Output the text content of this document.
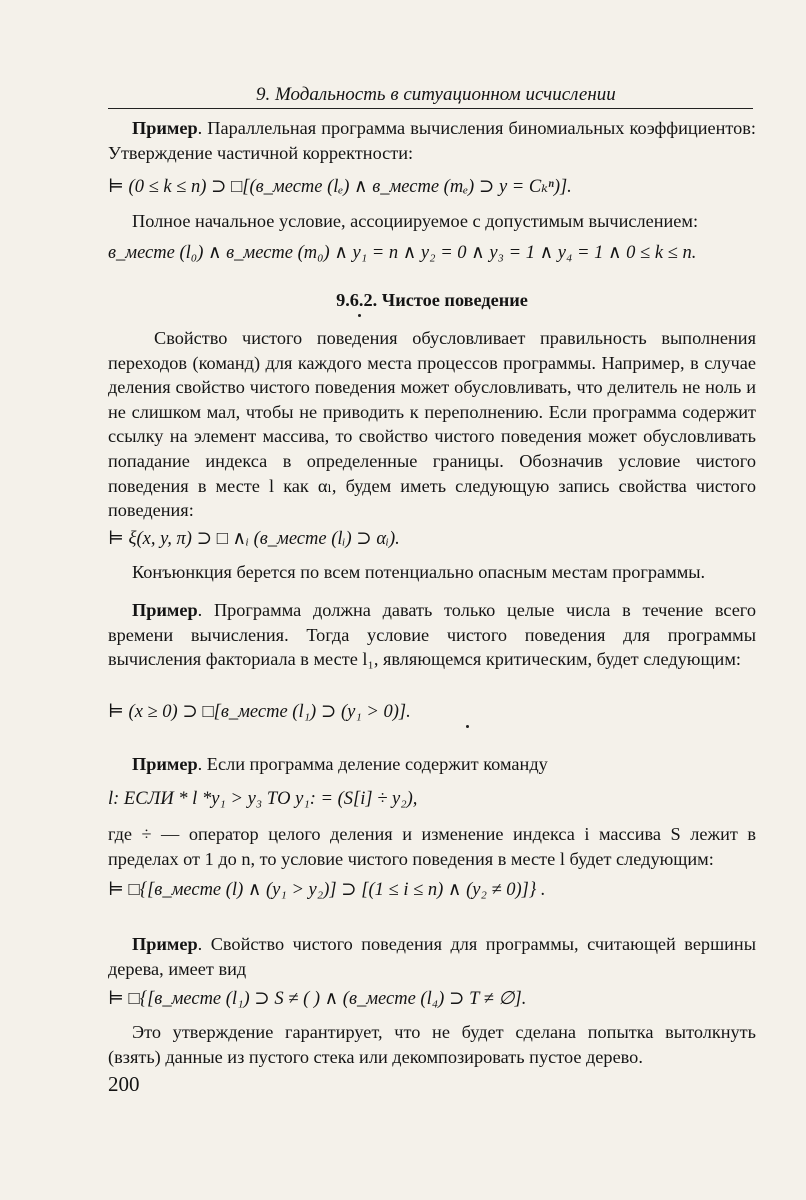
9. Модальность в ситуационном исчислении

Пример. Параллельная программа вычисления биномиальных коэффициентов: Утверждение частичной корректности:

⊨ (0 ≤ k ≤ n) ⊃ □[(в_месте (lₑ) ∧ в_месте (mₑ) ⊃ y = Cₖⁿ)].

Полное начальное условие, ассоциируемое с допустимым вычислением:

в_месте (l₀) ∧ в_месте (m₀) ∧ y₁ = n ∧ y₂ = 0 ∧ y₃ = 1 ∧ y₄ = 1 ∧ 0 ≤ k ≤ n.
9.6.2. Чистое поведение

Свойство чистого поведения обусловливает правильность выполнения переходов (команд) для каждого места процессов программы. Например, в случае деления свойство чистого поведения может обусловливать, что делитель не ноль и не слишком мал, чтобы не приводить к переполнению. Если программа содержит ссылку на элемент массива, то свойство чистого поведения может обусловливать попадание индекса в определенные границы. Обозначив условие чистого поведения в месте l как αₗ, будем иметь следующую запись свойства чистого поведения:

⊨ ξ(x, y, π) ⊃ □ ∧ᵢ (в_месте (lᵢ) ⊃ αᵢ).

Конъюнкция берется по всем потенциально опасным местам программы.

Пример. Программа должна давать только целые числа в течение всего времени вычисления. Тогда условие чистого поведения для программы вычисления факториала в месте l₁, являющемся критическим, будет следующим:

⊨ (x ≥ 0) ⊃ □[в_месте (l₁) ⊃ (y₁ > 0)].

Пример. Если программа деление содержит команду

l: ЕСЛИ * l *y₁ > y₃ ТО y₁: = (S[i] ÷ y₂),

где ÷ — оператор целого деления и изменение индекса i массива S лежит в пределах от 1 до n, то условие чистого поведения в месте l будет следующим:

⊨ □{[в_месте (l) ∧ (y₁ > y₂)] ⊃ [(1 ≤ i ≤ n) ∧ (y₂ ≠ 0)]} .

Пример. Свойство чистого поведения для программы, считающей вершины дерева, имеет вид

⊨ □{[в_месте (l₁) ⊃ S ≠ ( ) ∧ (в_месте (l₄) ⊃ T ≠ ∅].

Это утверждение гарантирует, что не будет сделана попытка вытолкнуть (взять) данные из пустого стека или декомпозировать пустое дерево.

200
